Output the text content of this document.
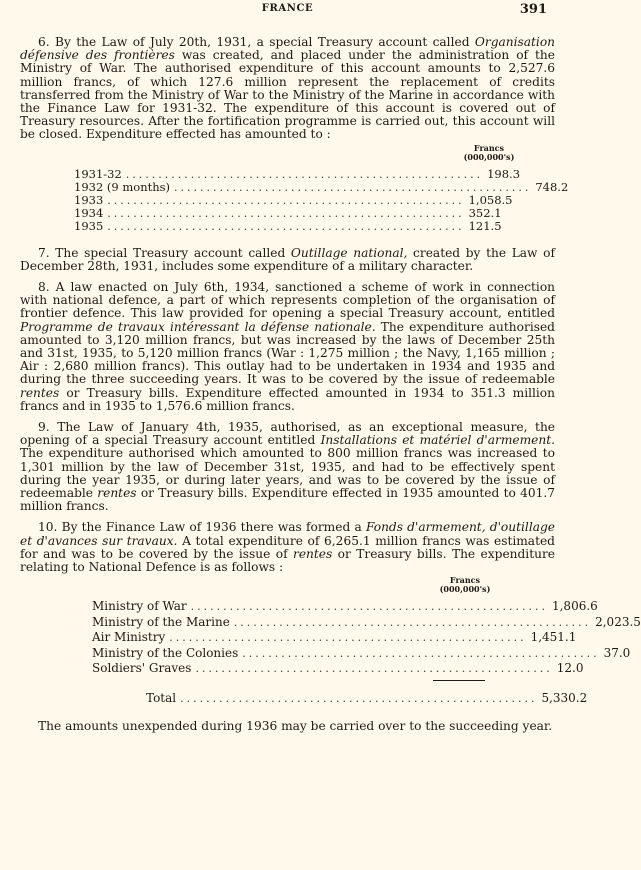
FRANCE	391

6. By the Law of July 20th, 1931, a special Treasury account called Organisation défensive des frontières was created, and placed under the administration of the Ministry of War. The authorised expenditure of this account amounts to 2,527.6 million francs, of which 127.6 million represent the replacement of credits transferred from the Ministry of War to the Ministry of the Marine in accordance with the Finance Law for 1931-32. The expenditure of this account is covered out of Treasury resources. After the fortification programme is carried out, this account will be closed. Expenditure effected has amounted to :

Francs
(000,000's)
1931-32 ....................................................... 198.3
1932 (9 months) ....................................................... 748.2
1933 ....................................................... 1,058.5
1934 ....................................................... 352.1
1935 ....................................................... 121.5

7. The special Treasury account called Outillage national, created by the Law of December 28th, 1931, includes some expenditure of a military character.

8. A law enacted on July 6th, 1934, sanctioned a scheme of work in connection with national defence, a part of which represents completion of the organisation of frontier defence. This law provided for opening a special Treasury account, entitled Programme de travaux intéressant la défense nationale. The expenditure authorised amounted to 3,120 million francs, but was increased by the laws of December 25th and 31st, 1935, to 5,120 million francs (War : 1,275 million ; the Navy, 1,165 million ; Air : 2,680 million francs). This outlay had to be undertaken in 1934 and 1935 and during the three succeeding years. It was to be covered by the issue of redeemable rentes or Treasury bills. Expenditure effected amounted in 1934 to 351.3 million francs and in 1935 to 1,576.6 million francs.

9. The Law of January 4th, 1935, authorised, as an exceptional measure, the opening of a special Treasury account entitled Installations et matériel d'armement. The expenditure authorised which amounted to 800 million francs was increased to 1,301 million by the law of December 31st, 1935, and had to be effectively spent during the year 1935, or during later years, and was to be covered by the issue of redeemable rentes or Treasury bills. Expenditure effected in 1935 amounted to 401.7 million francs.

10. By the Finance Law of 1936 there was formed a Fonds d'armement, d'outillage et d'avances sur travaux. A total expenditure of 6,265.1 million francs was estimated for and was to be covered by the issue of rentes or Treasury bills. The expenditure relating to National Defence is as follows :

Francs
(000,000's)
Ministry of War ....................................................... 1,806.6
Ministry of the Marine ....................................................... 2,023.5
Air Ministry ....................................................... 1,451.1
Ministry of the Colonies ....................................................... 37.0
Soldiers' Graves ....................................................... 12.0
Total ....................................................... 5,330.2

The amounts unexpended during 1936 may be carried over to the succeeding year.
